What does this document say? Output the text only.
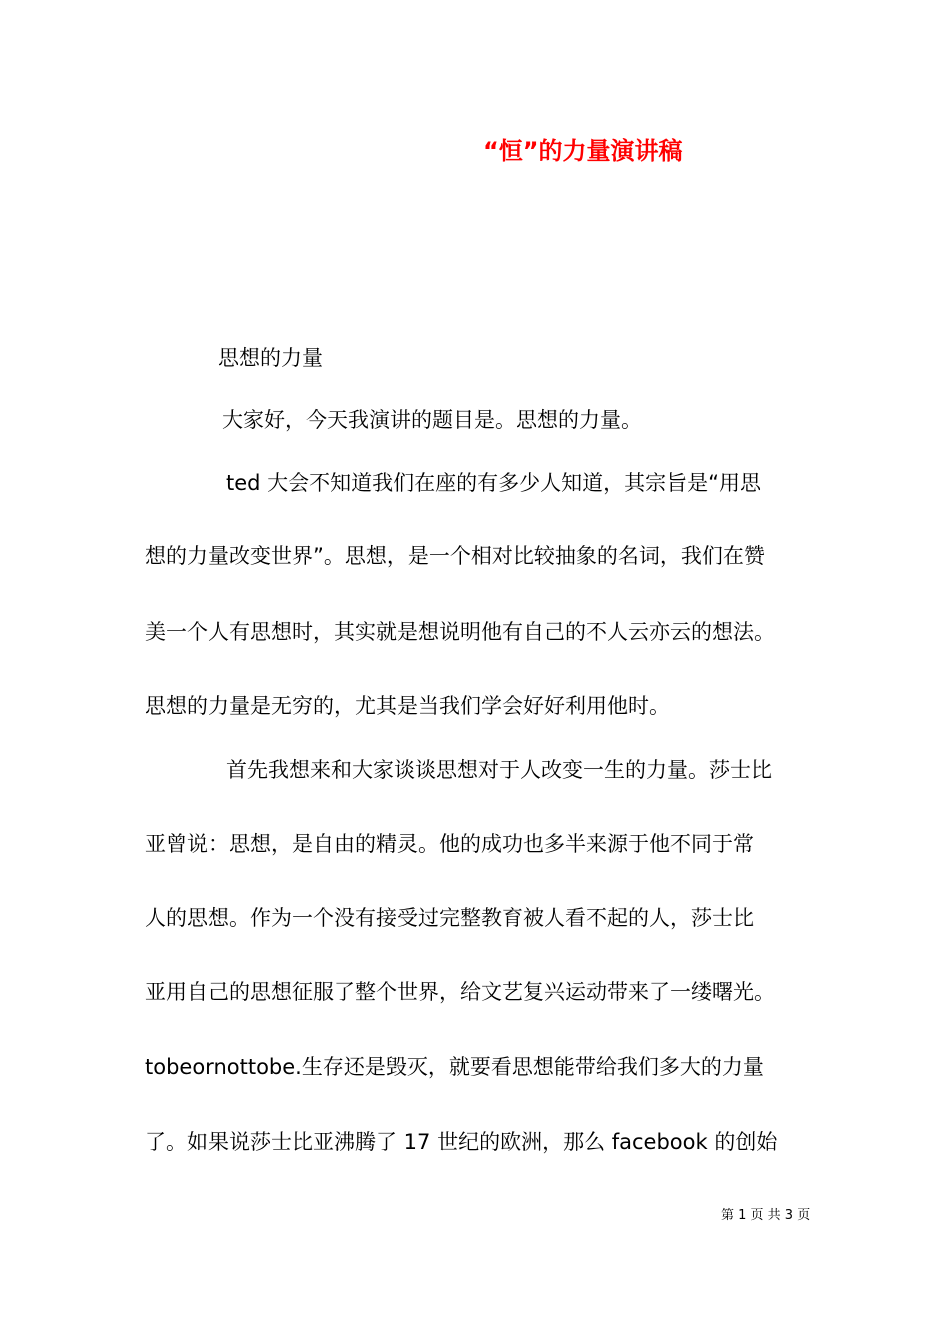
“恒”的力量演讲稿
思想的力量
大家好，今天我演讲的题目是。思想的力量。
ted 大会不知道我们在座的有多少人知道，其宗旨是“用思
想的力量改变世界”。思想，是一个相对比较抽象的名词，我们在赞
美一个人有思想时，其实就是想说明他有自己的不人云亦云的想法。
思想的力量是无穷的，尤其是当我们学会好好利用他时。
首先我想来和大家谈谈思想对于人改变一生的力量。莎士比
亚曾说：思想，是自由的精灵。他的成功也多半来源于他不同于常
人的思想。作为一个没有接受过完整教育被人看不起的人，莎士比
亚用自己的思想征服了整个世界，给文艺复兴运动带来了一缕曙光。
tobeornottobe.生存还是毁灭，就要看思想能带给我们多大的力量
了。如果说莎士比亚沸腾了 17 世纪的欧洲，那么 facebook 的创始
第 1 页 共 3 页
